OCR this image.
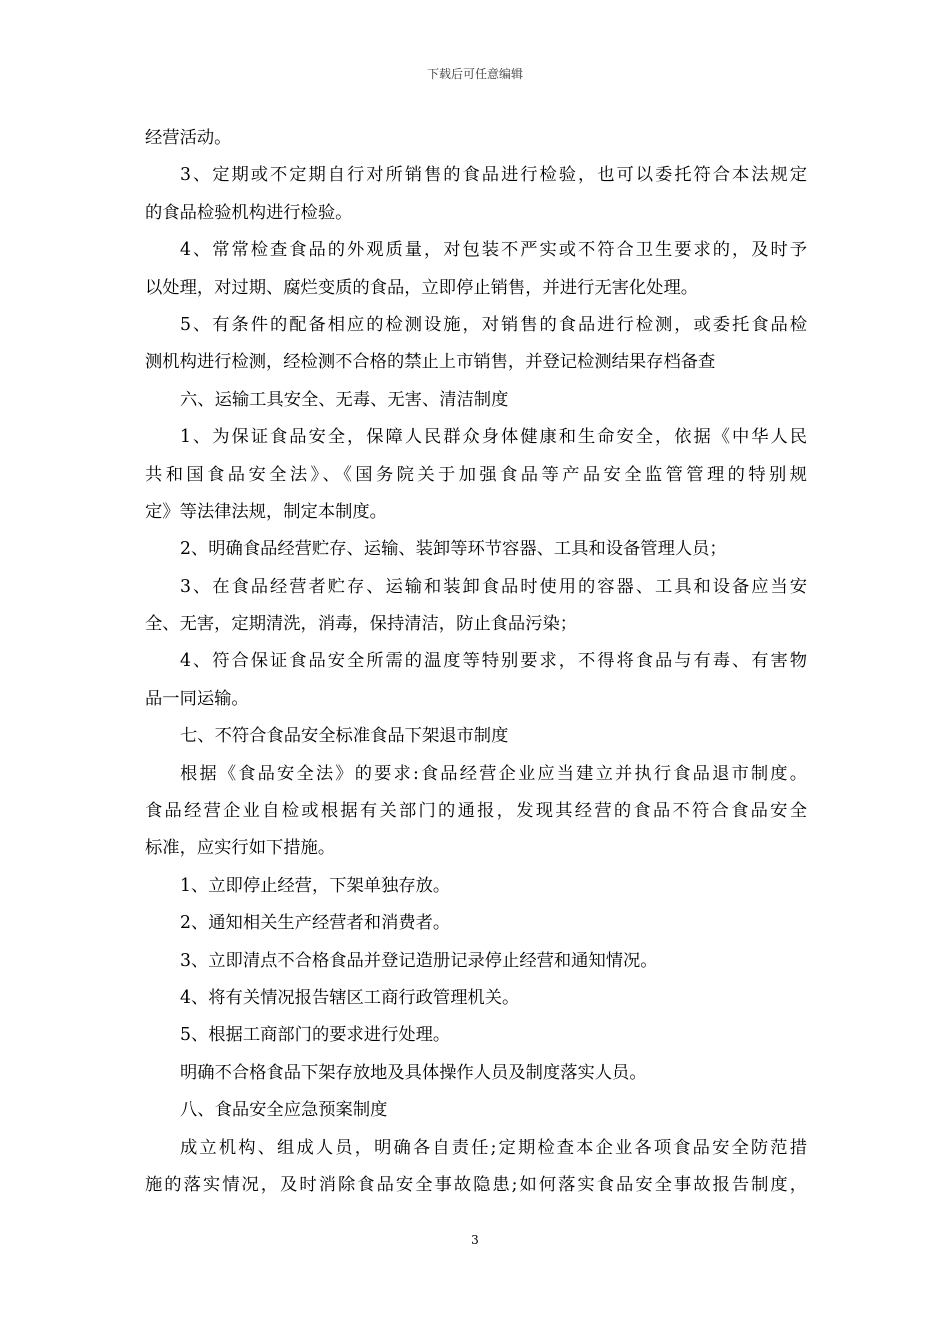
下载后可任意编辑
经营活动。
3、定期或不定期自行对所销售的食品进行检验，也可以委托符合本法规定
的食品检验机构进行检验。
4、常常检查食品的外观质量，对包装不严实或不符合卫生要求的，及时予
以处理，对过期、腐烂变质的食品，立即停止销售，并进行无害化处理。
5、有条件的配备相应的检测设施，对销售的食品进行检测，或委托食品检
测机构进行检测，经检测不合格的禁止上市销售，并登记检测结果存档备查
六、运输工具安全、无毒、无害、清洁制度
1、为保证食品安全，保障人民群众身体健康和生命安全，依据《中华人民
共和国食品安全法》、《国务院关于加强食品等产品安全监管管理的特别规
定》等法律法规，制定本制度。
2、明确食品经营贮存、运输、装卸等环节容器、工具和设备管理人员；
3、在食品经营者贮存、运输和装卸食品时使用的容器、工具和设备应当安
全、无害，定期清洗，消毒，保持清洁，防止食品污染；
4、符合保证食品安全所需的温度等特别要求，不得将食品与有毒、有害物
品一同运输。
七、不符合食品安全标准食品下架退市制度
根据《食品安全法》的要求:食品经营企业应当建立并执行食品退市制度。
食品经营企业自检或根据有关部门的通报，发现其经营的食品不符合食品安全
标准，应实行如下措施。
1、立即停止经营，下架单独存放。
2、通知相关生产经营者和消费者。
3、立即清点不合格食品并登记造册记录停止经营和通知情况。
4、将有关情况报告辖区工商行政管理机关。
5、根据工商部门的要求进行处理。
明确不合格食品下架存放地及具体操作人员及制度落实人员。
八、食品安全应急预案制度
成立机构、组成人员，明确各自责任;定期检查本企业各项食品安全防范措
施的落实情况，及时消除食品安全事故隐患;如何落实食品安全事故报告制度，
3
